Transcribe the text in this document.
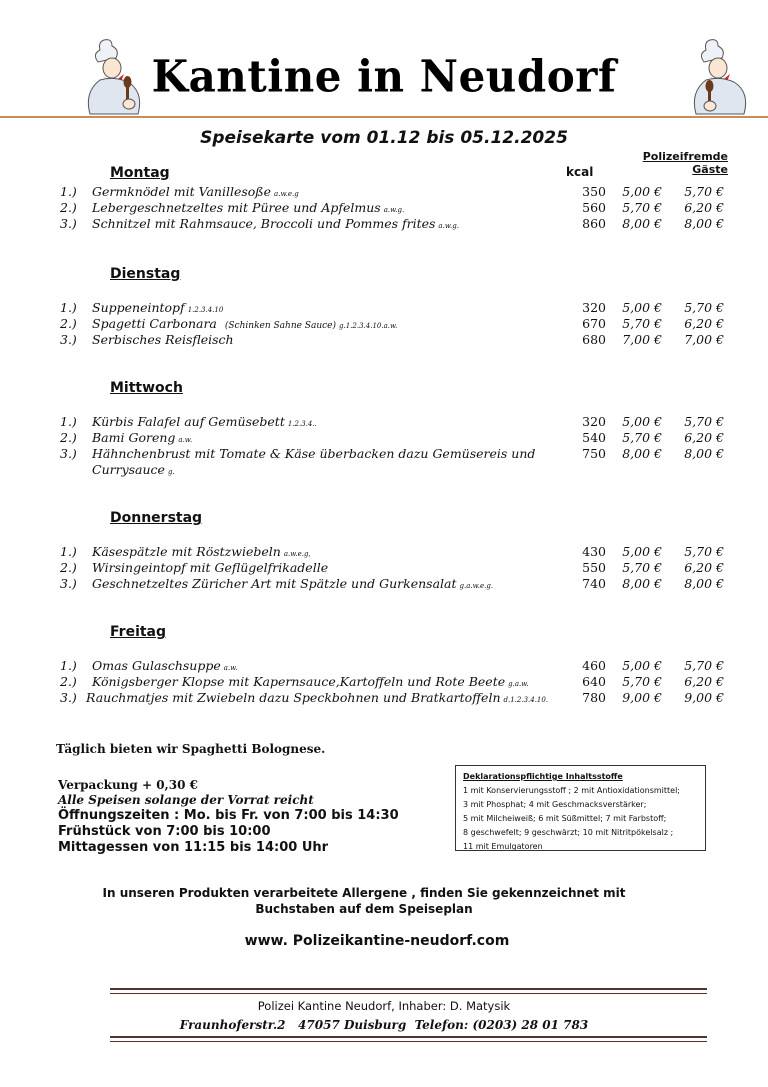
Kantine in Neudorf
Speisekarte vom 01.12 bis 05.12.2025
kcal
Polizeifremde
Gäste
Montag
1.) Germknödel mit Vanillesoße a.w.e.g	350	5,00 €	5,70 €
2.) Lebergeschnetzeltes mit Püree und Apfelmus a.w.g.	560	5,70 €	6,20 €
3.) Schnitzel mit Rahmsauce, Broccoli und Pommes frites a.w.g.	860	8,00 €	8,00 €
Dienstag
1.) Suppeneintopf 1.2.3.4.10	320	5,00 €	5,70 €
2.) Spagetti Carbonara (Schinken Sahne Sauce) g.1.2.3.4.10.a.w.	670	5,70 €	6,20 €
3.) Serbisches Reisfleisch	680	7,00 €	7,00 €
Mittwoch
1.) Kürbis Falafel auf Gemüsebett 1.2.3.4..	320	5,00 €	5,70 €
2.) Bami Goreng a.w.	540	5,70 €	6,20 €
3.) Hähnchenbrust mit Tomate & Käse überbacken dazu Gemüsereis und	750	8,00 €	8,00 €
Currysauce g.
Donnerstag
1.) Käsespätzle mit Röstzwiebeln a.w.e.g,	430	5,00 €	5,70 €
2.) Wirsingeintopf mit Geflügelfrikadelle	550	5,70 €	6,20 €
3.) Geschnetzeltes Züricher Art mit Spätzle und Gurkensalat g.a.w.e.g.	740	8,00 €	8,00 €
Freitag
1.) Omas Gulaschsuppe a.w.	460	5,00 €	5,70 €
2.) Königsberger Klopse mit Kapernsauce,Kartoffeln und Rote Beete g.a.w.	640	5,70 €	6,20 €
3.) Rauchmatjes mit Zwiebeln dazu Speckbohnen und Bratkartoffeln d.1.2.3.4.10.	780	9,00 €	9,00 €
Täglich bieten wir Spaghetti Bolognese.
Verpackung + 0,30 €
Alle Speisen solange der Vorrat reicht
Öffnungszeiten : Mo. bis Fr. von 7:00 bis 14:30
Frühstück von 7:00 bis 10:00
Mittagessen von 11:15 bis 14:00 Uhr
Deklarationspflichtige Inhaltsstoffe
1 mit Konservierungsstoff ; 2 mit Antioxidationsmittel;
3 mit Phosphat; 4 mit Geschmacksverstärker;
5 mit Milcheiweiß; 6 mit Süßmittel; 7 mit Farbstoff;
8 geschwefelt; 9 geschwärzt; 10 mit Nitritpökelsalz ;
11 mit Emulgatoren
In unseren Produkten verarbeitete Allergene , finden Sie gekennzeichnet mit
Buchstaben auf dem Speiseplan
www. Polizeikantine-neudorf.com
Polizei Kantine Neudorf, Inhaber: D. Matysik
Fraunhoferstr.2   47057 Duisburg  Telefon: (0203) 28 01 783
